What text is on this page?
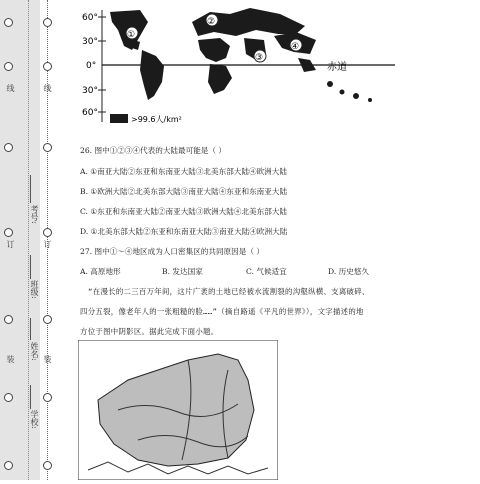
线
线
订
订
装
装
考号:
班级:
姓名:
学校:
60°
30°
0°
30°
60°
①
②
③
④
赤道
>99.6人/km²
26. 图中①②③④代表的大陆最可能是（ ）
A. ①南亚大陆②东亚和东南亚大陆③北美东部大陆④欧洲大陆
B. ①欧洲大陆②北美东部大陆③南亚大陆④东亚和东南亚大陆
C. ①东亚和东南亚大陆②南亚大陆③欧洲大陆④北美东部大陆
D. ①北美东部大陆②东亚和东南亚大陆③南亚大陆④欧洲大陆
27. 图中①～④地区成为人口密集区的共同原因是（ ）
A. 高原地形	B. 发达国家	C. 气候适宜	D. 历史悠久
“在漫长的二三百万年间，这片广袤的土地已经被水流割裂的沟壑纵横、支离破碎、
四分五裂，像老年人的一张粗糙的脸……”（摘自路遥《平凡的世界》），文字描述的地
方位于图中阴影区。据此完成下面小题。
